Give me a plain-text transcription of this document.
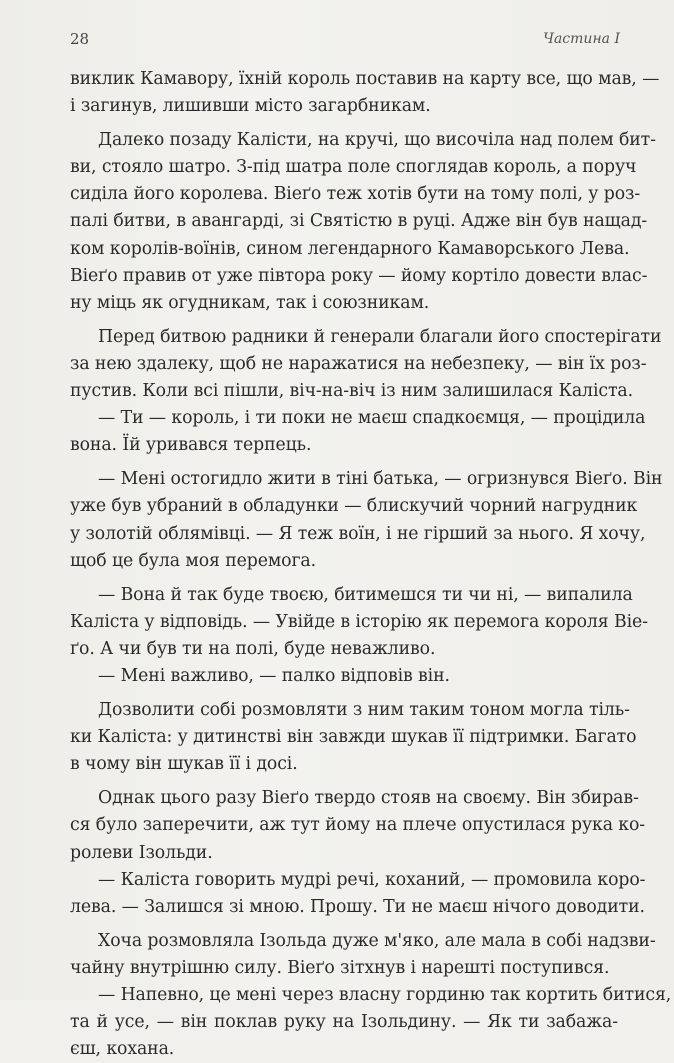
28	Частина I
виклик Камавору, їхній король поставив на карту все, що мав, —
і загинув, лишивши місто загарбникам.
Далеко позаду Калісти, на кручі, що височіла над полем бит-
ви, стояло шатро. З-під шатра поле споглядав король, а поруч
сиділа його королева. Віеґо теж хотів бути на тому полі, у роз-
палі битви, в авангарді, зі Святістю в руці. Адже він був нащад-
ком королів-воїнів, сином легендарного Камаворського Лева.
Віеґо правив от уже півтора року — йому кортіло довести влас-
ну міць як огудникам, так і союзникам.
Перед битвою радники й генерали благали його спостерігати
за нею здалеку, щоб не наражатися на небезпеку, — він їх роз-
пустив. Коли всі пішли, віч-на-віч із ним залишилася Каліста.
— Ти — король, і ти поки не маєш спадкоємця, — процідила
вона. Їй уривався терпець.
— Мені остогидло жити в тіні батька, — огризнувся Віеґо. Він
уже був убраний в обладунки — блискучий чорний нагрудник
у золотій облямівці. — Я теж воїн, і не гірший за нього. Я хочу,
щоб це була моя перемога.
— Вона й так буде твоєю, битимешся ти чи ні, — випалила
Каліста у відповідь. — Увійде в історію як перемога короля Віе-
ґо. А чи був ти на полі, буде неважливо.
— Мені важливо, — палко відповів він.
Дозволити собі розмовляти з ним таким тоном могла тіль-
ки Каліста: у дитинстві він завжди шукав її підтримки. Багато
в чому він шукав її і досі.
Однак цього разу Віеґо твердо стояв на своєму. Він збирав-
ся було заперечити, аж тут йому на плече опустилася рука ко-
ролеви Ізольди.
— Каліста говорить мудрі речі, коханий, — промовила коро-
лева. — Залишся зі мною. Прошу. Ти не маєш нічого доводити.
Хоча розмовляла Ізольда дуже м'яко, але мала в собі надзви-
чайну внутрішню силу. Віеґо зітхнув і нарешті поступився.
— Напевно, це мені через власну гординю так кортить битися,
та й усе, — він поклав руку на Ізольдину. — Як ти забажа-
єш, кохана.
